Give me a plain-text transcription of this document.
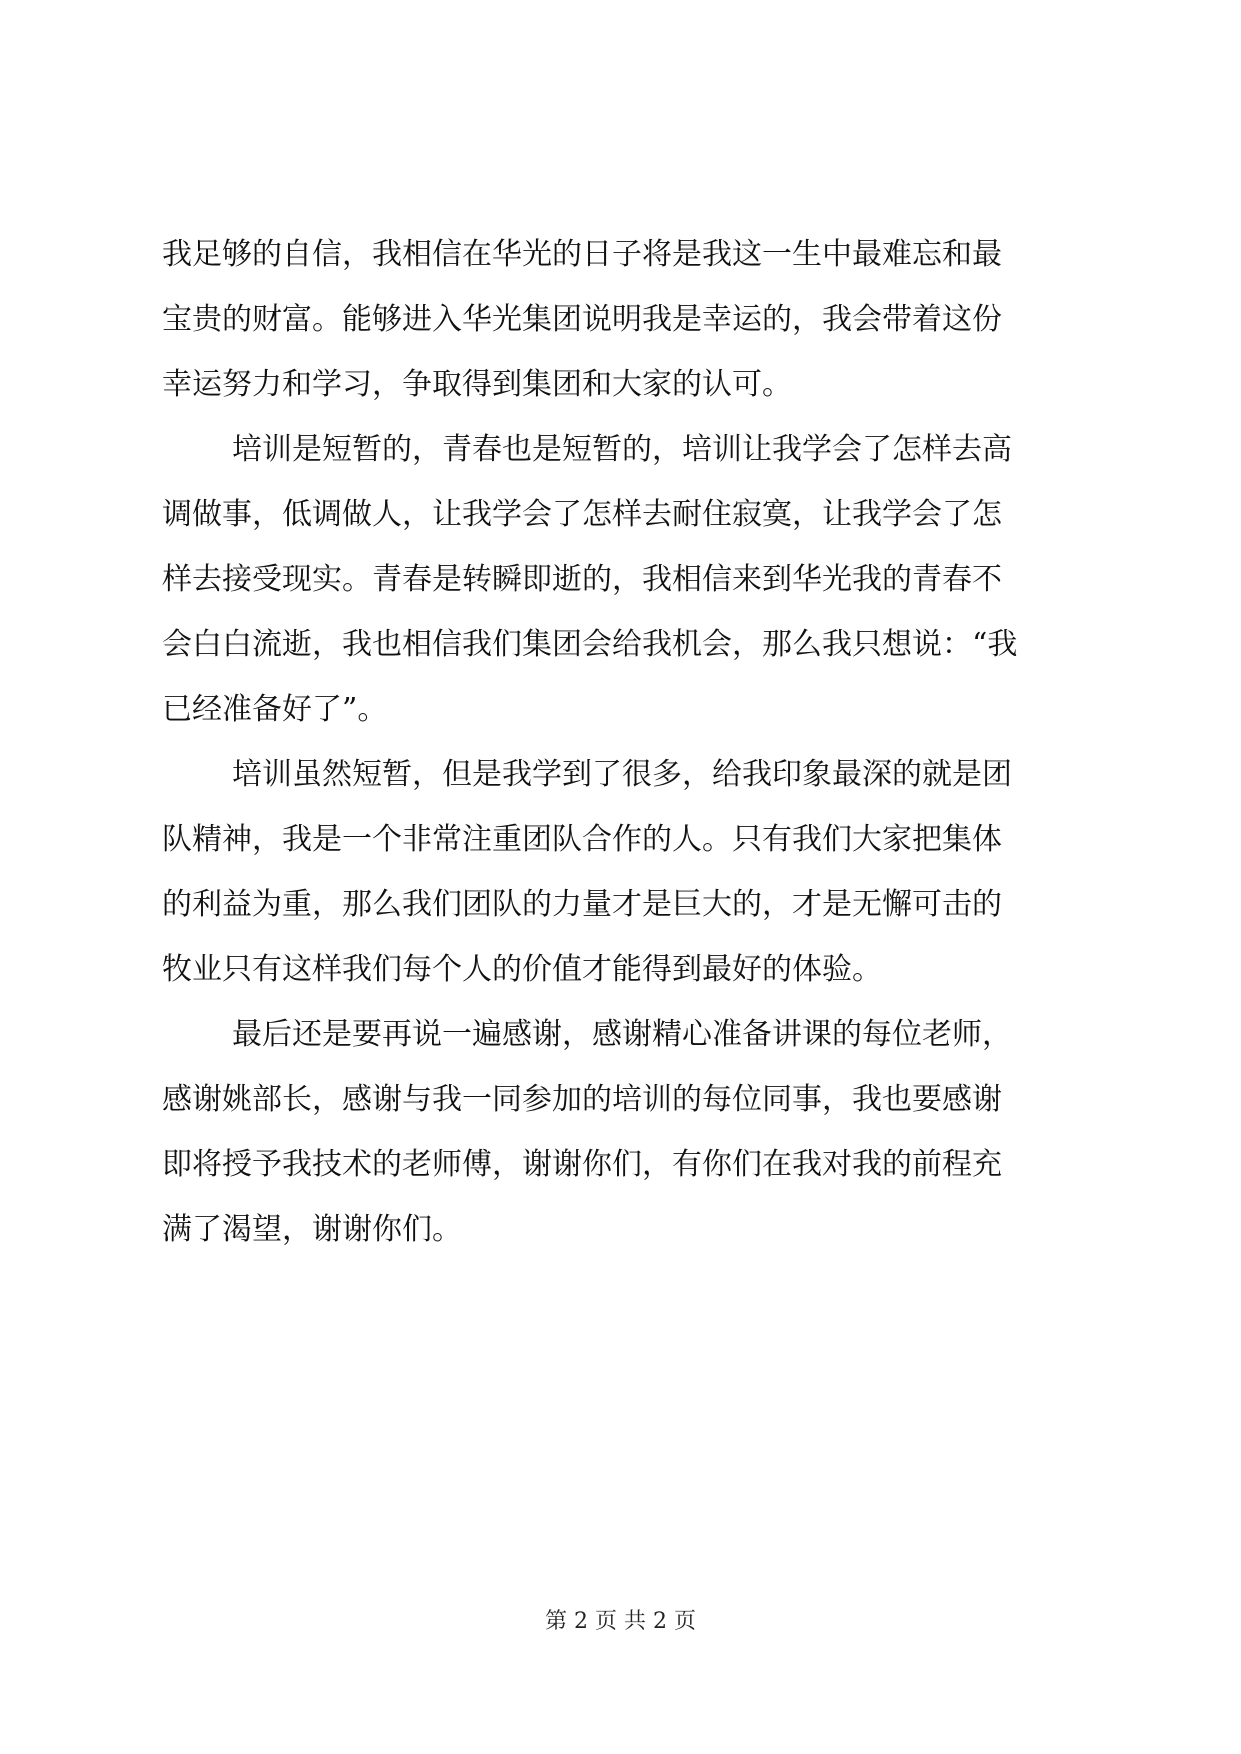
我足够的自信，我相信在华光的日子将是我这一生中最难忘和最
宝贵的财富。能够进入华光集团说明我是幸运的，我会带着这份
幸运努力和学习，争取得到集团和大家的认可。
培训是短暂的，青春也是短暂的，培训让我学会了怎样去高
调做事，低调做人，让我学会了怎样去耐住寂寞，让我学会了怎
样去接受现实。青春是转瞬即逝的，我相信来到华光我的青春不
会白白流逝，我也相信我们集团会给我机会，那么我只想说：“我
已经准备好了”。
培训虽然短暂，但是我学到了很多，给我印象最深的就是团
队精神，我是一个非常注重团队合作的人。只有我们大家把集体
的利益为重，那么我们团队的力量才是巨大的，才是无懈可击的
牧业只有这样我们每个人的价值才能得到最好的体验。
最后还是要再说一遍感谢，感谢精心准备讲课的每位老师，
感谢姚部长，感谢与我一同参加的培训的每位同事，我也要感谢
即将授予我技术的老师傅，谢谢你们，有你们在我对我的前程充
满了渴望，谢谢你们。
第 2 页 共 2 页
